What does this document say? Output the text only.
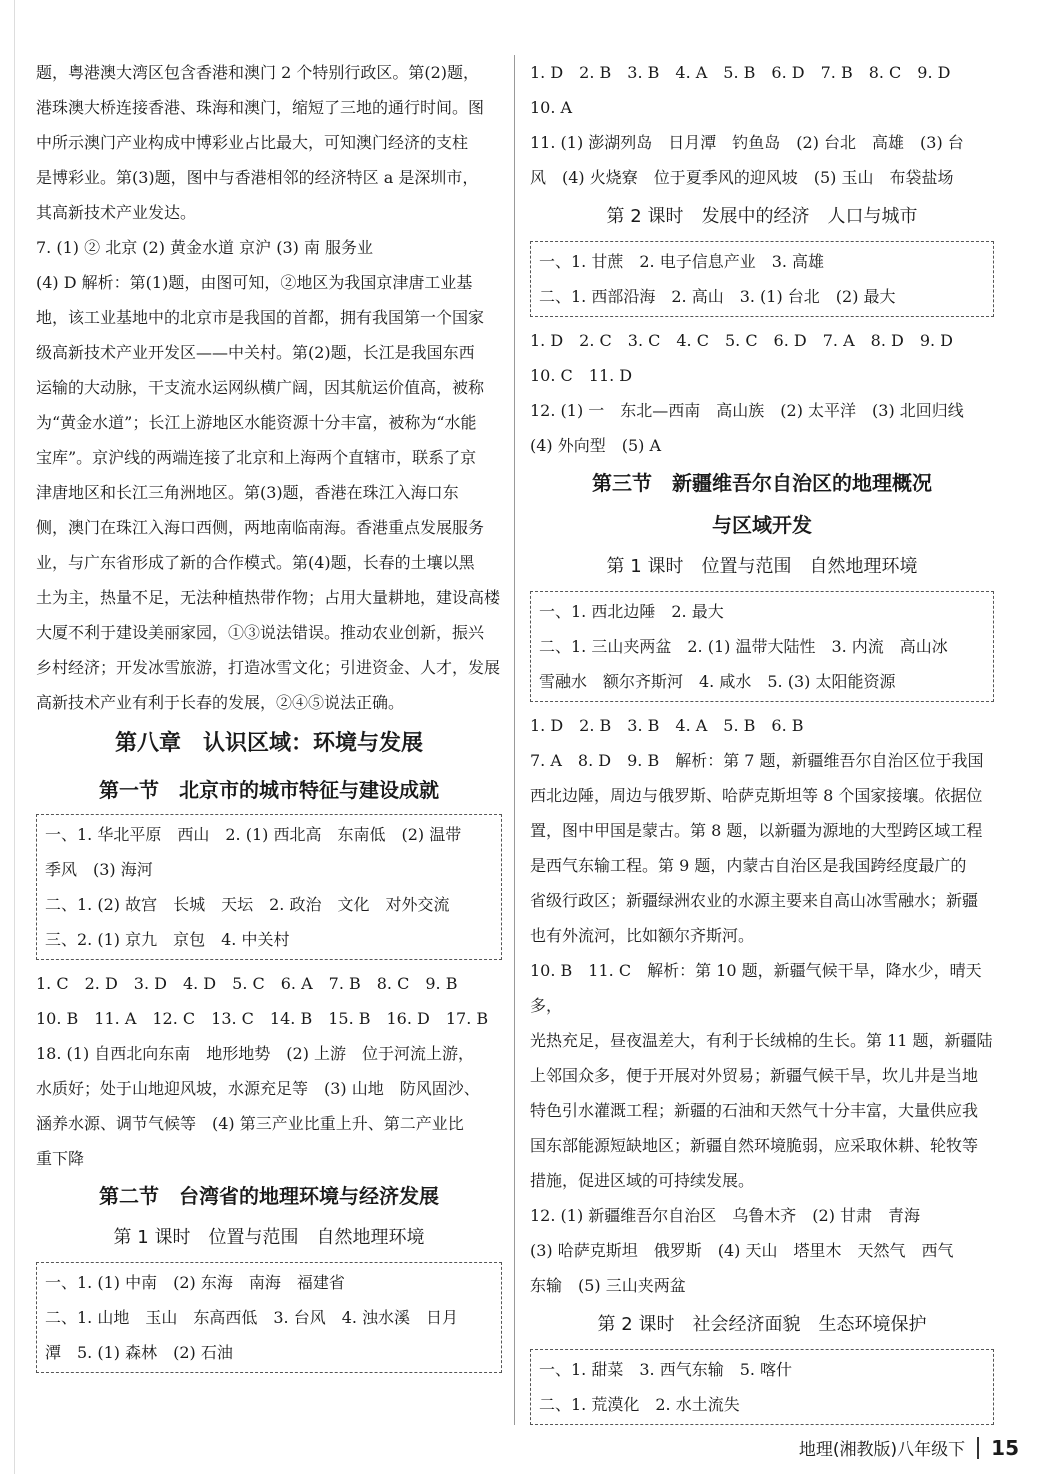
题，粤港澳大湾区包含香港和澳门 2 个特别行政区。第(2)题，

港珠澳大桥连接香港、珠海和澳门，缩短了三地的通行时间。图

中所示澳门产业构成中博彩业占比最大，可知澳门经济的支柱

是博彩业。第(3)题，图中与香港相邻的经济特区 a 是深圳市，

其高新技术产业发达。

7. (1) ② 北京 (2) 黄金水道 京沪 (3) 南 服务业

(4) D 解析：第(1)题，由图可知，②地区为我国京津唐工业基

地，该工业基地中的北京市是我国的首都，拥有我国第一个国家

级高新技术产业开发区——中关村。第(2)题，长江是我国东西

运输的大动脉，干支流水运网纵横广阔，因其航运价值高，被称

为“黄金水道”；长江上游地区水能资源十分丰富，被称为“水能

宝库”。京沪线的两端连接了北京和上海两个直辖市，联系了京

津唐地区和长江三角洲地区。第(3)题，香港在珠江入海口东

侧，澳门在珠江入海口西侧，两地南临南海。香港重点发展服务

业，与广东省形成了新的合作模式。第(4)题，长春的土壤以黑

土为主，热量不足，无法种植热带作物；占用大量耕地，建设高楼

大厦不利于建设美丽家园，①③说法错误。推动农业创新，振兴

乡村经济；开发冰雪旅游，打造冰雪文化；引进资金、人才，发展

高新技术产业有利于长春的发展，②④⑤说法正确。

第八章　认识区域：环境与发展
第一节　北京市的城市特征与建设成就

一、1. 华北平原　西山　2. (1) 西北高　东南低　(2) 温带

季风　(3) 海河

二、1. (2) 故宫　长城　天坛　2. 政治　文化　对外交流

三、2. (1) 京九　京包　4. 中关村

1. C　2. D　3. D　4. D　5. C　6. A　7. B　8. C　9. B

10. B　11. A　12. C　13. C　14. B　15. B　16. D　17. B

18. (1) 自西北向东南　地形地势　(2) 上游　位于河流上游，

水质好；处于山地迎风坡，水源充足等　(3) 山地　防风固沙、

涵养水源、调节气候等　(4) 第三产业比重上升、第二产业比

重下降

第二节　台湾省的地理环境与经济发展
第 1 课时　位置与范围　自然地理环境

一、1. (1) 中南　(2) 东海　南海　福建省

二、1. 山地　玉山　东高西低　3. 台风　4. 浊水溪　日月

潭　5. (1) 森林　(2) 石油

1. D　2. B　3. B　4. A　5. B　6. D　7. B　8. C　9. D

10. A

11. (1) 澎湖列岛　日月潭　钓鱼岛　(2) 台北　高雄　(3) 台

风　(4) 火烧寮　位于夏季风的迎风坡　(5) 玉山　布袋盐场

第 2 课时　发展中的经济　人口与城市

一、1. 甘蔗　2. 电子信息产业　3. 高雄

二、1. 西部沿海　2. 高山　3. (1) 台北　(2) 最大

1. D　2. C　3. C　4. C　5. C　6. D　7. A　8. D　9. D

10. C　11. D

12. (1) 一　东北—西南　高山族　(2) 太平洋　(3) 北回归线

(4) 外向型　(5) A

第三节　新疆维吾尔自治区的地理概况
与区域开发
第 1 课时　位置与范围　自然地理环境

一、1. 西北边陲　2. 最大

二、1. 三山夹两盆　2. (1) 温带大陆性　3. 内流　高山冰

雪融水　额尔齐斯河　4. 咸水　5. (3) 太阳能资源

1. D　2. B　3. B　4. A　5. B　6. B

7. A　8. D　9. B　解析：第 7 题，新疆维吾尔自治区位于我国

西北边陲，周边与俄罗斯、哈萨克斯坦等 8 个国家接壤。依据位

置，图中甲国是蒙古。第 8 题，以新疆为源地的大型跨区域工程

是西气东输工程。第 9 题，内蒙古自治区是我国跨经度最广的

省级行政区；新疆绿洲农业的水源主要来自高山冰雪融水；新疆

也有外流河，比如额尔齐斯河。

10. B　11. C　解析：第 10 题，新疆气候干旱，降水少，晴天多，

光热充足，昼夜温差大，有利于长绒棉的生长。第 11 题，新疆陆

上邻国众多，便于开展对外贸易；新疆气候干旱，坎儿井是当地

特色引水灌溉工程；新疆的石油和天然气十分丰富，大量供应我

国东部能源短缺地区；新疆自然环境脆弱，应采取休耕、轮牧等

措施，促进区域的可持续发展。

12. (1) 新疆维吾尔自治区　乌鲁木齐　(2) 甘肃　青海

(3) 哈萨克斯坦　俄罗斯　(4) 天山　塔里木　天然气　西气

东输　(5) 三山夹两盆

第 2 课时　社会经济面貌　生态环境保护

一、1. 甜菜　3. 西气东输　5. 喀什

二、1. 荒漠化　2. 水土流失

地理(湘教版)八年级下	15
